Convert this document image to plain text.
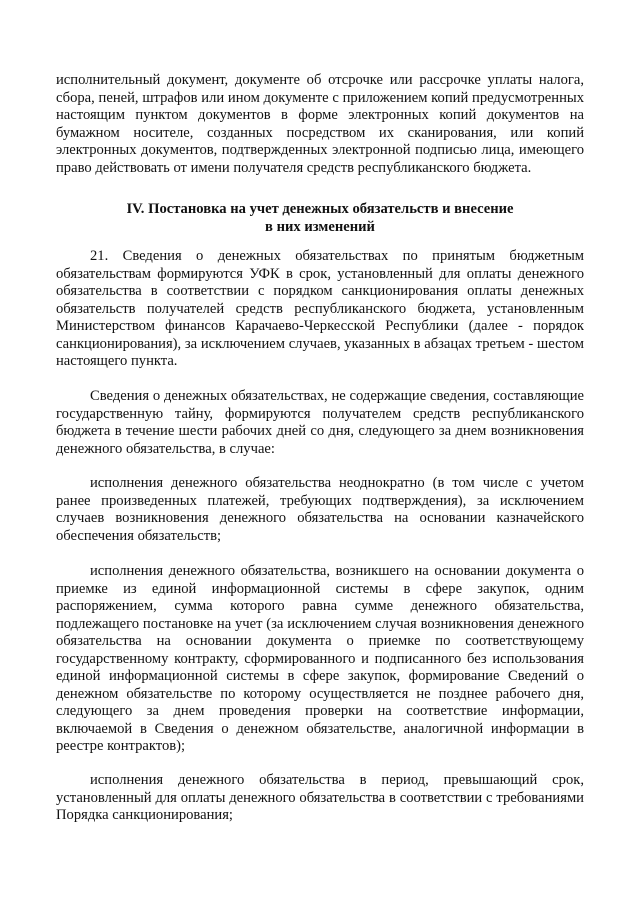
исполнительный документ, документе об отсрочке или рассрочке уплаты налога, сбора, пеней, штрафов или ином документе с приложением копий предусмотренных настоящим пунктом документов в форме электронных копий документов на бумажном носителе, созданных посредством их сканирования, или копий электронных документов, подтвержденных электронной подписью лица, имеющего право действовать от имени получателя средств республиканского бюджета.

IV. Постановка на учет денежных обязательств и внесение
в них изменений

21. Сведения о денежных обязательствах по принятым бюджетным обязательствам формируются УФК в срок, установленный для оплаты денежного обязательства в соответствии с порядком санкционирования оплаты денежных обязательств получателей средств республиканского бюджета, установленным Министерством финансов Карачаево-Черкесской Республики (далее - порядок санкционирования), за исключением случаев, указанных в абзацах третьем - шестом настоящего пункта.

Сведения о денежных обязательствах, не содержащие сведения, составляющие государственную тайну, формируются получателем средств республиканского бюджета в течение шести рабочих дней со дня, следующего за днем возникновения денежного обязательства, в случае:

исполнения денежного обязательства неоднократно (в том числе с учетом ранее произведенных платежей, требующих подтверждения), за исключением случаев возникновения денежного обязательства на основании казначейского обеспечения обязательств;

исполнения денежного обязательства, возникшего на основании документа о приемке из единой информационной системы в сфере закупок, одним распоряжением, сумма которого равна сумме денежного обязательства, подлежащего постановке на учет (за исключением случая возникновения денежного обязательства на основании документа о приемке по соответствующему государственному контракту, сформированного и подписанного без использования единой информационной системы в сфере закупок, формирование Сведений о денежном обязательстве по которому осуществляется не позднее рабочего дня, следующего за днем проведения проверки на соответствие информации, включаемой в Сведения о денежном обязательстве, аналогичной информации в реестре контрактов);

исполнения денежного обязательства в период, превышающий срок, установленный для оплаты денежного обязательства в соответствии с требованиями Порядка санкционирования;
